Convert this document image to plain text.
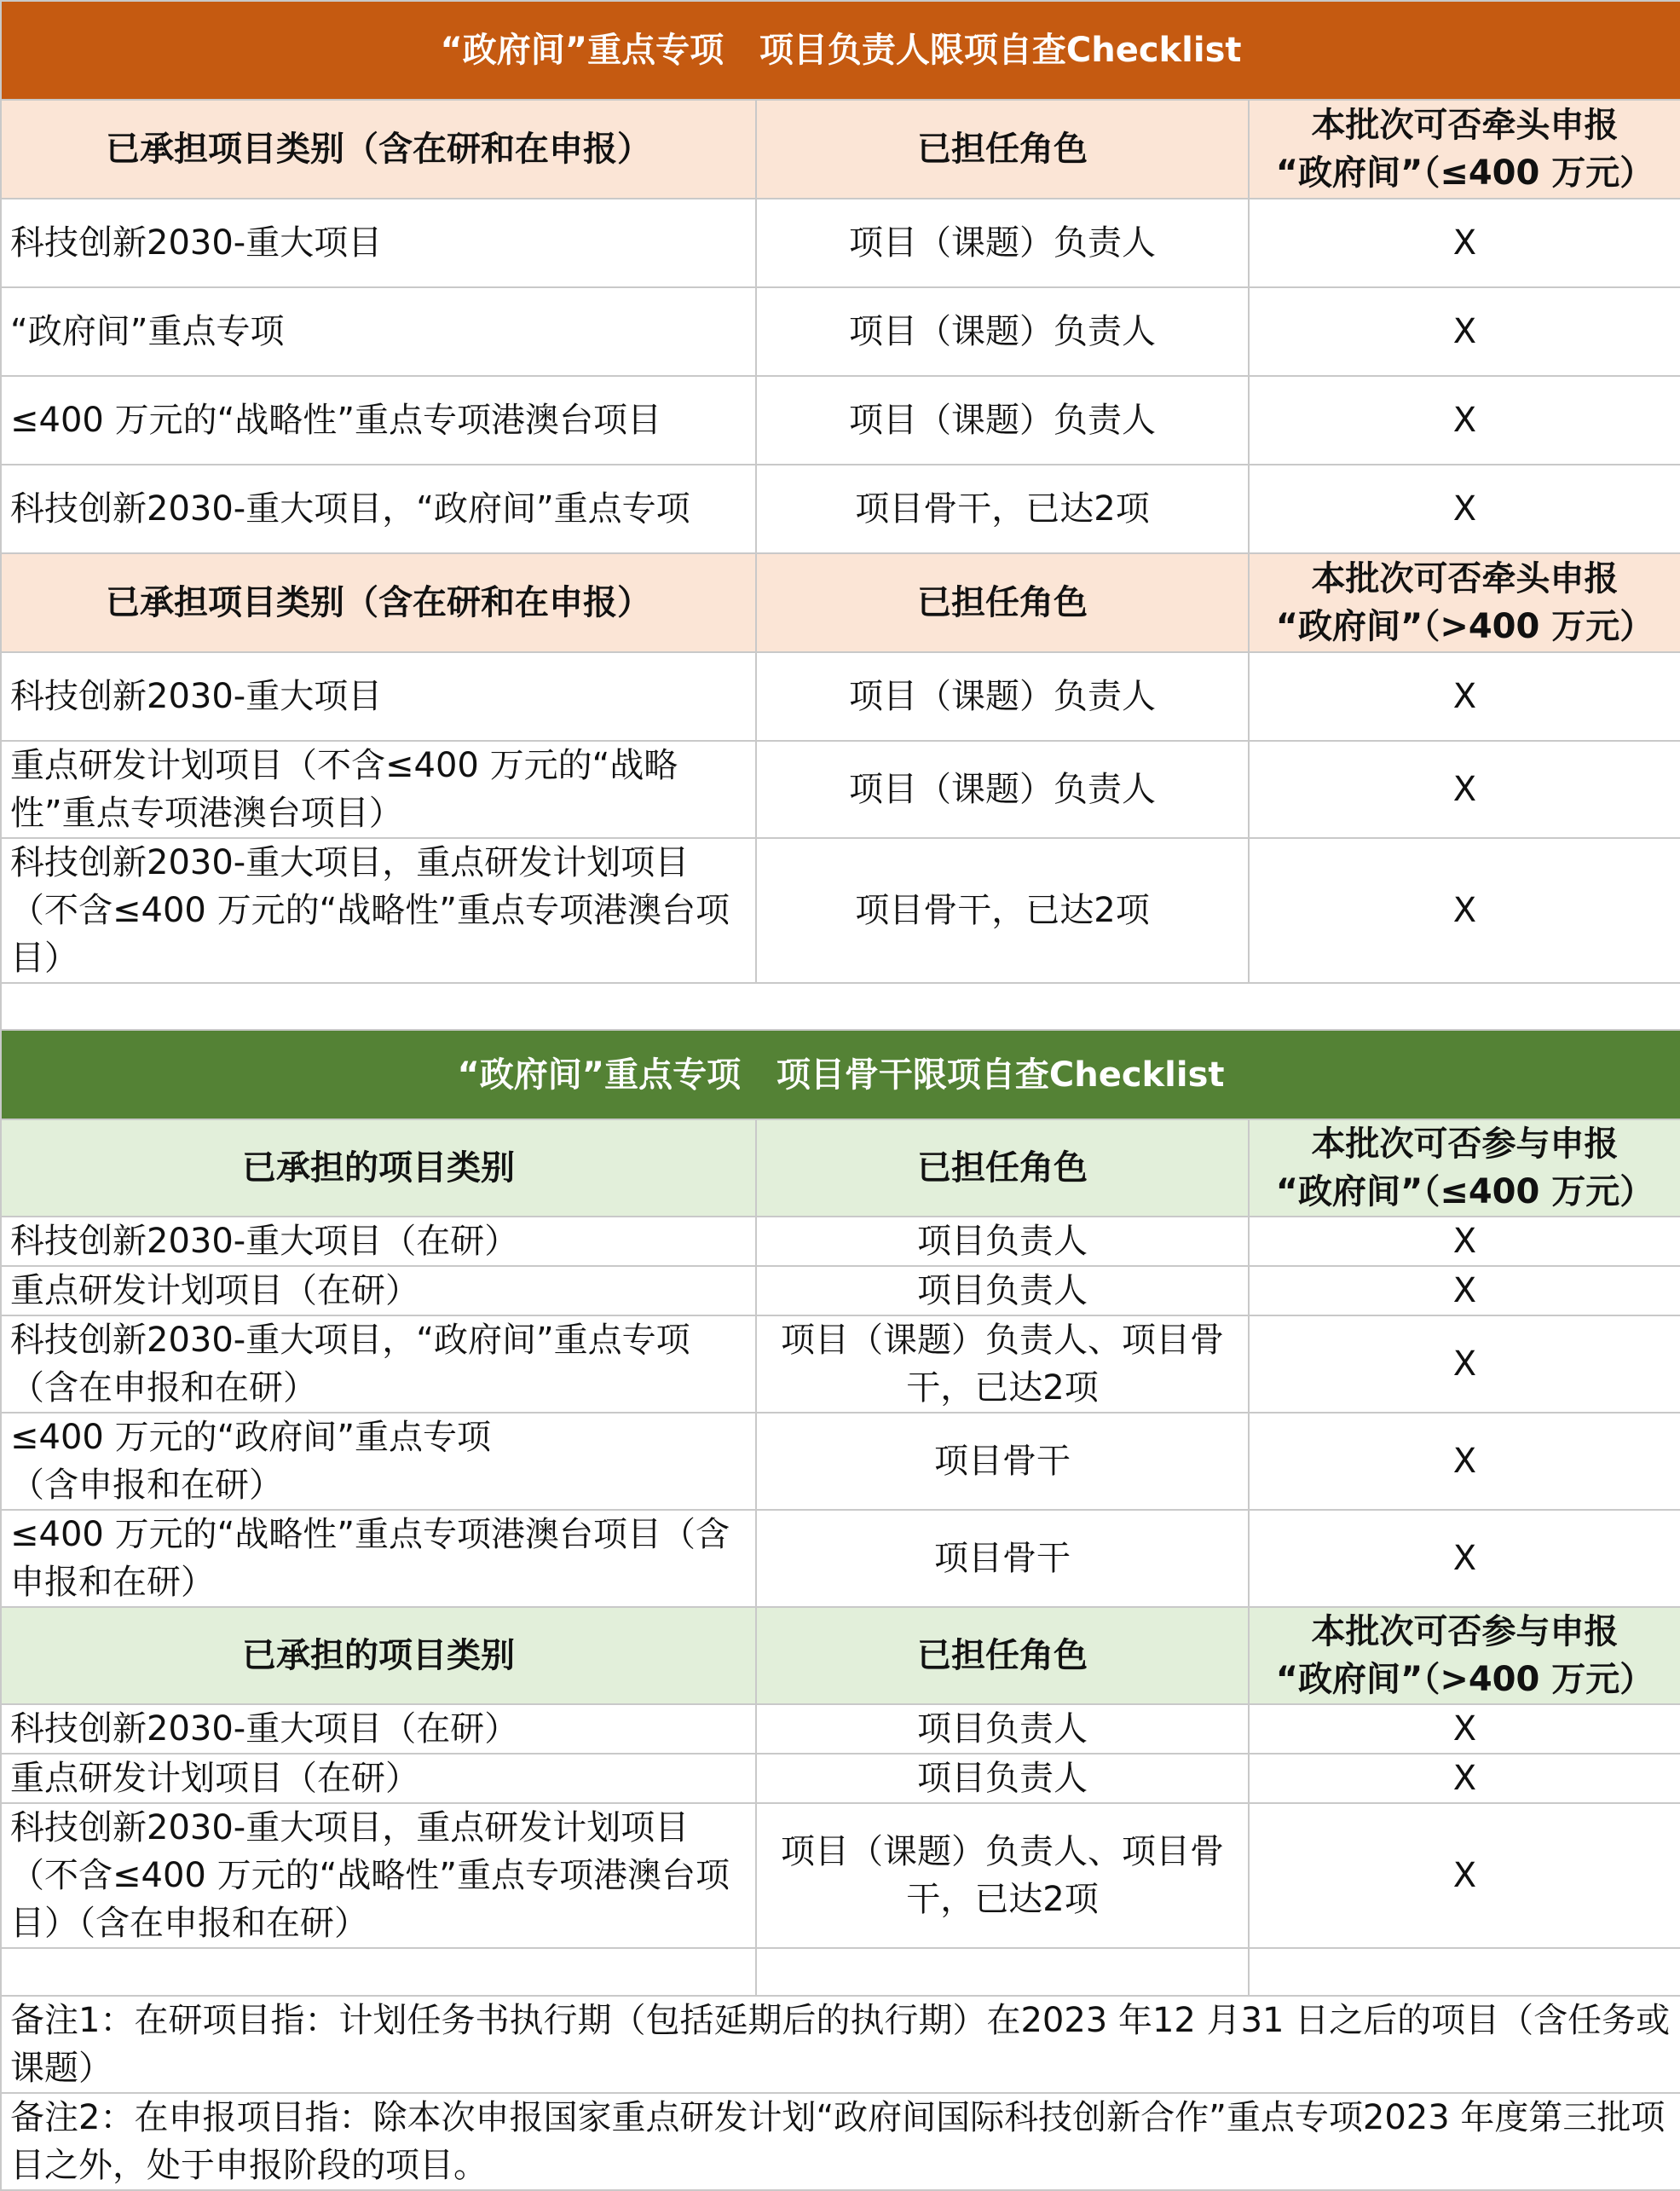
“政府间”重点专项   项目负责人限项自查Checklist		
已承担项目类别（含在研和在申报）	已担任角色	本批次可否牵头申报
“政府间”（≤400 万元）
科技创新2030-重大项目	项目（课题）负责人	X
“政府间”重点专项	项目（课题）负责人	X
≤400 万元的“战略性”重点专项港澳台项目	项目（课题）负责人	X
科技创新2030-重大项目，“政府间”重点专项	项目骨干，已达2项	X
已承担项目类别（含在研和在申报）	已担任角色	本批次可否牵头申报
“政府间”（>400 万元）
科技创新2030-重大项目	项目（课题）负责人	X
重点研发计划项目（不含≤400 万元的“战略性”重点专项港澳台项目）	项目（课题）负责人	X
科技创新2030-重大项目，重点研发计划项目（不含≤400 万元的“战略性”重点专项港澳台项目）	项目骨干，已达2项	X

“政府间”重点专项   项目骨干限项自查Checklist		
已承担的项目类别	已担任角色	本批次可否参与申报
“政府间”（≤400 万元）
科技创新2030-重大项目（在研）	项目负责人	X
重点研发计划项目（在研）	项目负责人	X
科技创新2030-重大项目，“政府间”重点专项（含在申报和在研）	项目（课题）负责人、项目骨干，已达2项	X
≤400 万元的“政府间”重点专项
（含申报和在研）	项目骨干	X
≤400 万元的“战略性”重点专项港澳台项目（含申报和在研）	项目骨干	X
已承担的项目类别	已担任角色	本批次可否参与申报
“政府间”（>400 万元）
科技创新2030-重大项目（在研）	项目负责人	X
重点研发计划项目（在研）	项目负责人	X
科技创新2030-重大项目，重点研发计划项目（不含≤400 万元的“战略性”重点专项港澳台项目）（含在申报和在研）	项目（课题）负责人、项目骨干，已达2项	X

备注1：在研项目指：计划任务书执行期（包括延期后的执行期）在2023 年12 月31 日之后的项目（含任务或课题）		
备注2：在申报项目指：除本次申报国家重点研发计划“政府间国际科技创新合作”重点专项2023 年度第三批项目之外，处于申报阶段的项目。		
